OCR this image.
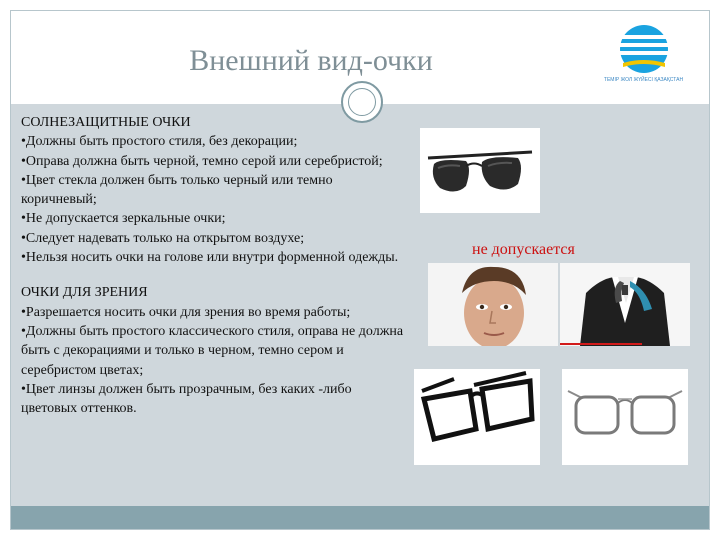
Внешний вид-очки
ТЕМІР ЖОЛ ЖҮЙЕСІ ҚАЗАҚСТАН

СОЛНЕЗАЩИТНЫЕ ОЧКИ

•Должны быть простого стиля, без декорации;

•Оправа должна быть черной, темно серой или серебристой;

•Цвет стекла должен быть только черный или темно коричневый;

•Не допускается зеркальные очки;

•Следует надевать только на открытом воздухе;

•Нельзя носить очки на голове или внутри форменной одежды.

ОЧКИ ДЛЯ ЗРЕНИЯ

•Разрешается носить очки для зрения во время работы;

•Должны быть простого классического стиля, оправа не должна быть с декорациями и только в черном, темно сером и серебристом цветах;

•Цвет линзы должен быть прозрачным, без каких -либо цветовых оттенков.

не допускается
